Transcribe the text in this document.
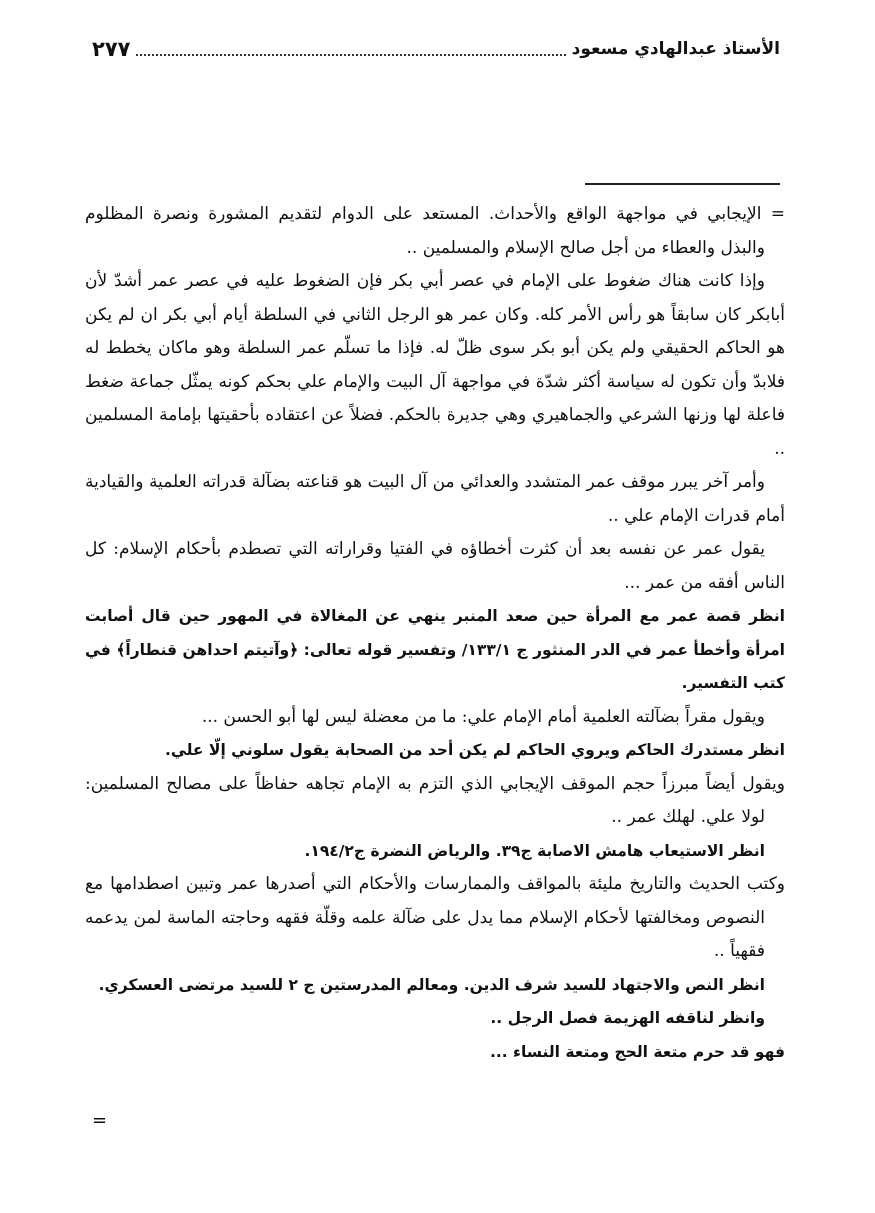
٢٧٧	الأستاذ عبدالهادي مسعود

= الإيجابي في مواجهة الواقع والأحداث. المستعد على الدوام لتقديم المشورة ونصرة المظلوم والبذل والعطاء من أجل صالح الإسلام والمسلمين ..

وإذا كانت هناك ضغوط على الإمام في عصر أبي بكر فإن الضغوط عليه في عصر عمر أشدّ لأن أبابكر كان سابقاً هو رأس الأمر كله. وكان عمر هو الرجل الثاني في السلطة أيام أبي بكر ان لم يكن هو الحاكم الحقيقي ولم يكن أبو بكر سوى ظلّ له. فإذا ما تسلّم عمر السلطة وهو ماكان يخطط له فلابدّ وأن تكون له سياسة أكثر شدّة في مواجهة آل البيت والإمام علي بحكم كونه يمثّل جماعة ضغط فاعلة لها وزنها الشرعي والجماهيري وهي جديرة بالحكم. فضلاً عن اعتقاده بأحقيتها بإمامة المسلمين ..

وأمر آخر يبرر موقف عمر المتشدد والعدائي من آل البيت هو قناعته بضآلة قدراته العلمية والقيادية أمام قدرات الإمام علي ..

يقول عمر عن نفسه بعد أن كثرت أخطاؤه في الفتيا وقراراته التي تصطدم بأحكام الإسلام: كل الناس أفقه من عمر ...

انظر قصة عمر مع المرأة حين صعد المنبر ينهي عن المغالاة في المهور حين قال أصابت امرأة وأخطأ عمر في الدر المنثور ج ١٣٣/١/ وتفسير قوله تعالى: ﴿وآتيتم احداهن قنطاراً﴾ في كتب التفسير.

ويقول مقراً بضآلته العلمية أمام الإمام علي: ما من معضلة ليس لها أبو الحسن ...

انظر مستدرك الحاكم ويروي الحاكم لم يكن أحد من الصحابة يقول سلوني إلّا علي.

ويقول أيضاً مبرزاً حجم الموقف الإيجابي الذي التزم به الإمام تجاهه حفاظاً على مصالح المسلمين: لولا علي. لهلك عمر ..

انظر الاستيعاب هامش الاصابة ج٣٩. والرياض النضرة ج١٩٤/٢.

وكتب الحديث والتاريخ مليئة بالمواقف والممارسات والأحكام التي أصدرها عمر وتبين اصطدامها مع النصوص ومخالفتها لأحكام الإسلام مما يدل على ضآلة علمه وقلّة فقهه وحاجته الماسة لمن يدعمه فقهياً ..

انظر النص والاجتهاد للسيد شرف الدين. ومعالم المدرستين ج ٢ للسيد مرتضى العسكري.

وانظر لناقفه الهزيمة فصل الرجل ..

فهو قد حرم متعة الحج ومتعة النساء ...

=
